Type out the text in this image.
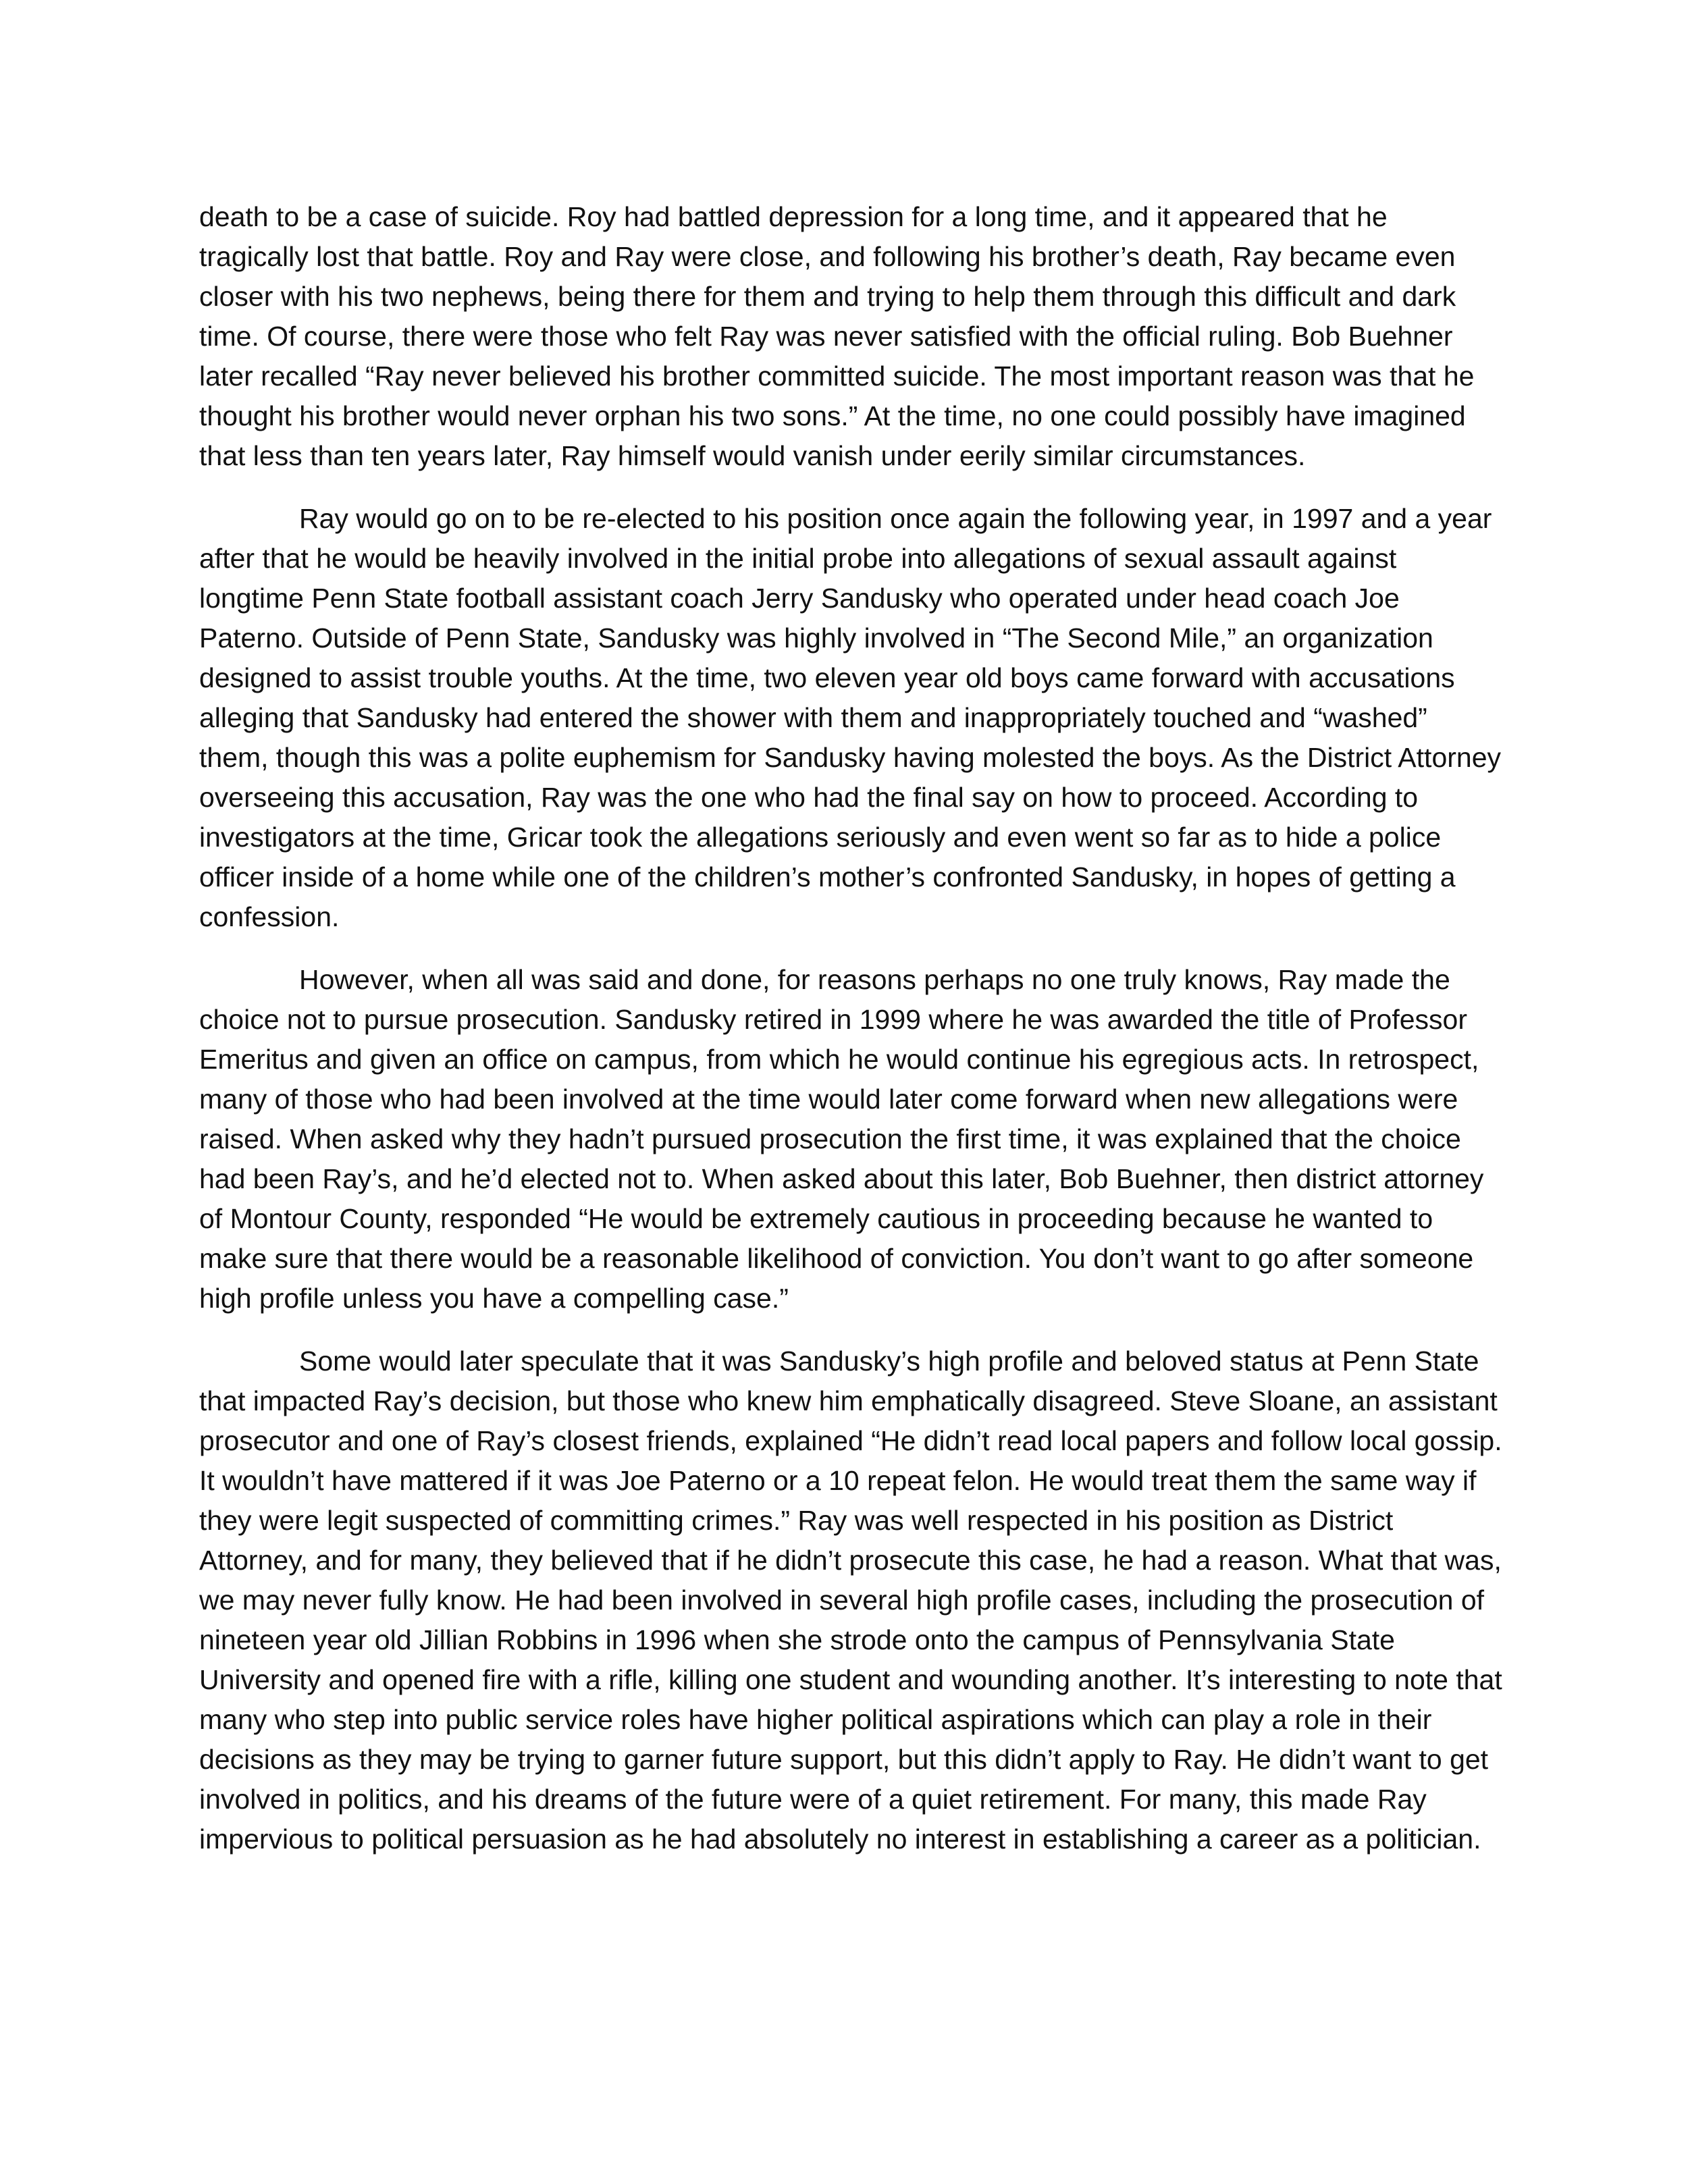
death to be a case of suicide. Roy had battled depression for a long time, and it appeared that he tragically lost that battle. Roy and Ray were close, and following his brother’s death, Ray became even closer with his two nephews, being there for them and trying to help them through this difficult and dark time. Of course, there were those who felt Ray was never satisfied with the official ruling. Bob Buehner later recalled “Ray never believed his brother committed suicide. The most important reason was that he thought his brother would never orphan his two sons.” At the time, no one could possibly have imagined that less than ten years later, Ray himself would vanish under eerily similar circumstances.

Ray would go on to be re-elected to his position once again the following year, in 1997 and a year after that he would be heavily involved in the initial probe into allegations of sexual assault against longtime Penn State football assistant coach Jerry Sandusky who operated under head coach Joe Paterno. Outside of Penn State, Sandusky was highly involved in “The Second Mile,” an organization designed to assist trouble youths. At the time, two eleven year old boys came forward with accusations alleging that Sandusky had entered the shower with them and inappropriately touched and “washed” them, though this was a polite euphemism for Sandusky having molested the boys. As the District Attorney overseeing this accusation, Ray was the one who had the final say on how to proceed. According to investigators at the time, Gricar took the allegations seriously and even went so far as to hide a police officer inside of a home while one of the children’s mother’s confronted Sandusky, in hopes of getting a confession.

However, when all was said and done, for reasons perhaps no one truly knows, Ray made the choice not to pursue prosecution. Sandusky retired in 1999 where he was awarded the title of Professor Emeritus and given an office on campus, from which he would continue his egregious acts. In retrospect, many of those who had been involved at the time would later come forward when new allegations were raised. When asked why they hadn’t pursued prosecution the first time, it was explained that the choice had been Ray’s, and he’d elected not to. When asked about this later, Bob Buehner, then district attorney of Montour County, responded “He would be extremely cautious in proceeding because he wanted to make sure that there would be a reasonable likelihood of conviction. You don’t want to go after someone high profile unless you have a compelling case.”

Some would later speculate that it was Sandusky’s high profile and beloved status at Penn State that impacted Ray’s decision, but those who knew him emphatically disagreed. Steve Sloane, an assistant prosecutor and one of Ray’s closest friends, explained “He didn’t read local papers and follow local gossip. It wouldn’t have mattered if it was Joe Paterno or a 10 repeat felon. He would treat them the same way if they were legit suspected of committing crimes.” Ray was well respected in his position as District Attorney, and for many, they believed that if he didn’t prosecute this case, he had a reason. What that was, we may never fully know. He had been involved in several high profile cases, including the prosecution of nineteen year old Jillian Robbins in 1996 when she strode onto the campus of Pennsylvania State University and opened fire with a rifle, killing one student and wounding another. It’s interesting to note that many who step into public service roles have higher political aspirations which can play a role in their decisions as they may be trying to garner future support, but this didn’t apply to Ray. He didn’t want to get involved in politics, and his dreams of the future were of a quiet retirement. For many, this made Ray impervious to political persuasion as he had absolutely no interest in establishing a career as a politician.
